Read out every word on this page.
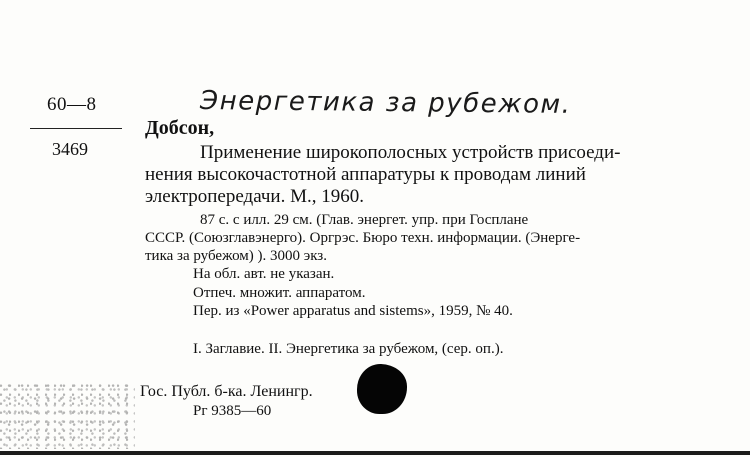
60—8
3469
Энергетика за рубежом.
Добсон,
Применение широкополосных устройств присоеди-
нения высокочастотной аппаратуры к проводам линий
электропередачи. М., 1960.
87 с. с илл. 29 см. (Глав. энергет. упр. при Госплане
СССР. (Союзглавэнерго). Оргрэс. Бюро техн. информации. (Энерге-
тика за рубежом) ). 3000 экз.
На обл. авт. не указан.
Отпеч. множит. аппаратом.
Пер. из «Power apparatus and sistems», 1959, № 40.
I. Заглавие. II. Энергетика за рубежом, (сер. оп.).
Гос. Публ. б-ка. Ленингр.
Рг 9385—60
